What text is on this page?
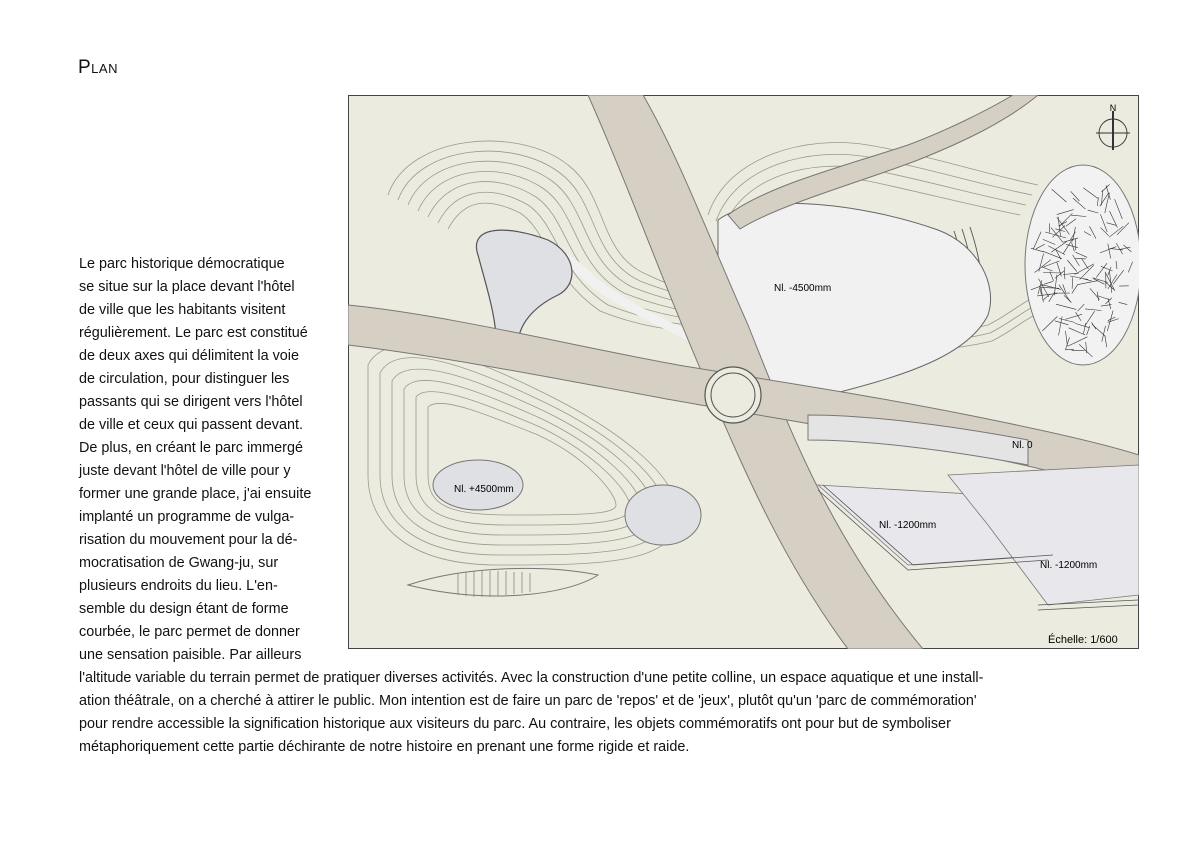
Plan
Le parc historique démocratique
se situe sur la place devant l'hôtel
de ville que les habitants visitent
régulièrement. Le parc est constitué
de deux axes qui délimitent la voie
de circulation, pour distinguer les
passants qui se dirigent vers l'hôtel
de ville et ceux qui passent devant.
De plus, en créant le parc immergé
juste devant l'hôtel de ville pour y
former une grande place, j'ai ensuite
implanté un programme de vulga-
risation du mouvement pour la dé-
mocratisation de Gwang-ju, sur
plusieurs endroits du lieu. L'en-
semble du design étant de forme
courbée, le parc permet de donner
une sensation paisible. Par ailleurs
N
Nl. -4500mm
Nl. 0
Nl. +4500mm
Nl. -1200mm
Nl. -1200mm
Échelle: 1/600
l'altitude variable du terrain permet de pratiquer diverses activités. Avec la construction d'une petite colline, un espace aquatique et une install-
ation théâtrale, on a cherché à attirer le public. Mon intention est de faire un parc de 'repos' et de 'jeux', plutôt qu'un 'parc de commémoration'
pour rendre accessible la signification historique aux visiteurs du parc. Au contraire, les objets commémoratifs ont pour but de symboliser
métaphoriquement cette partie déchirante de notre histoire en prenant une forme rigide et raide.
